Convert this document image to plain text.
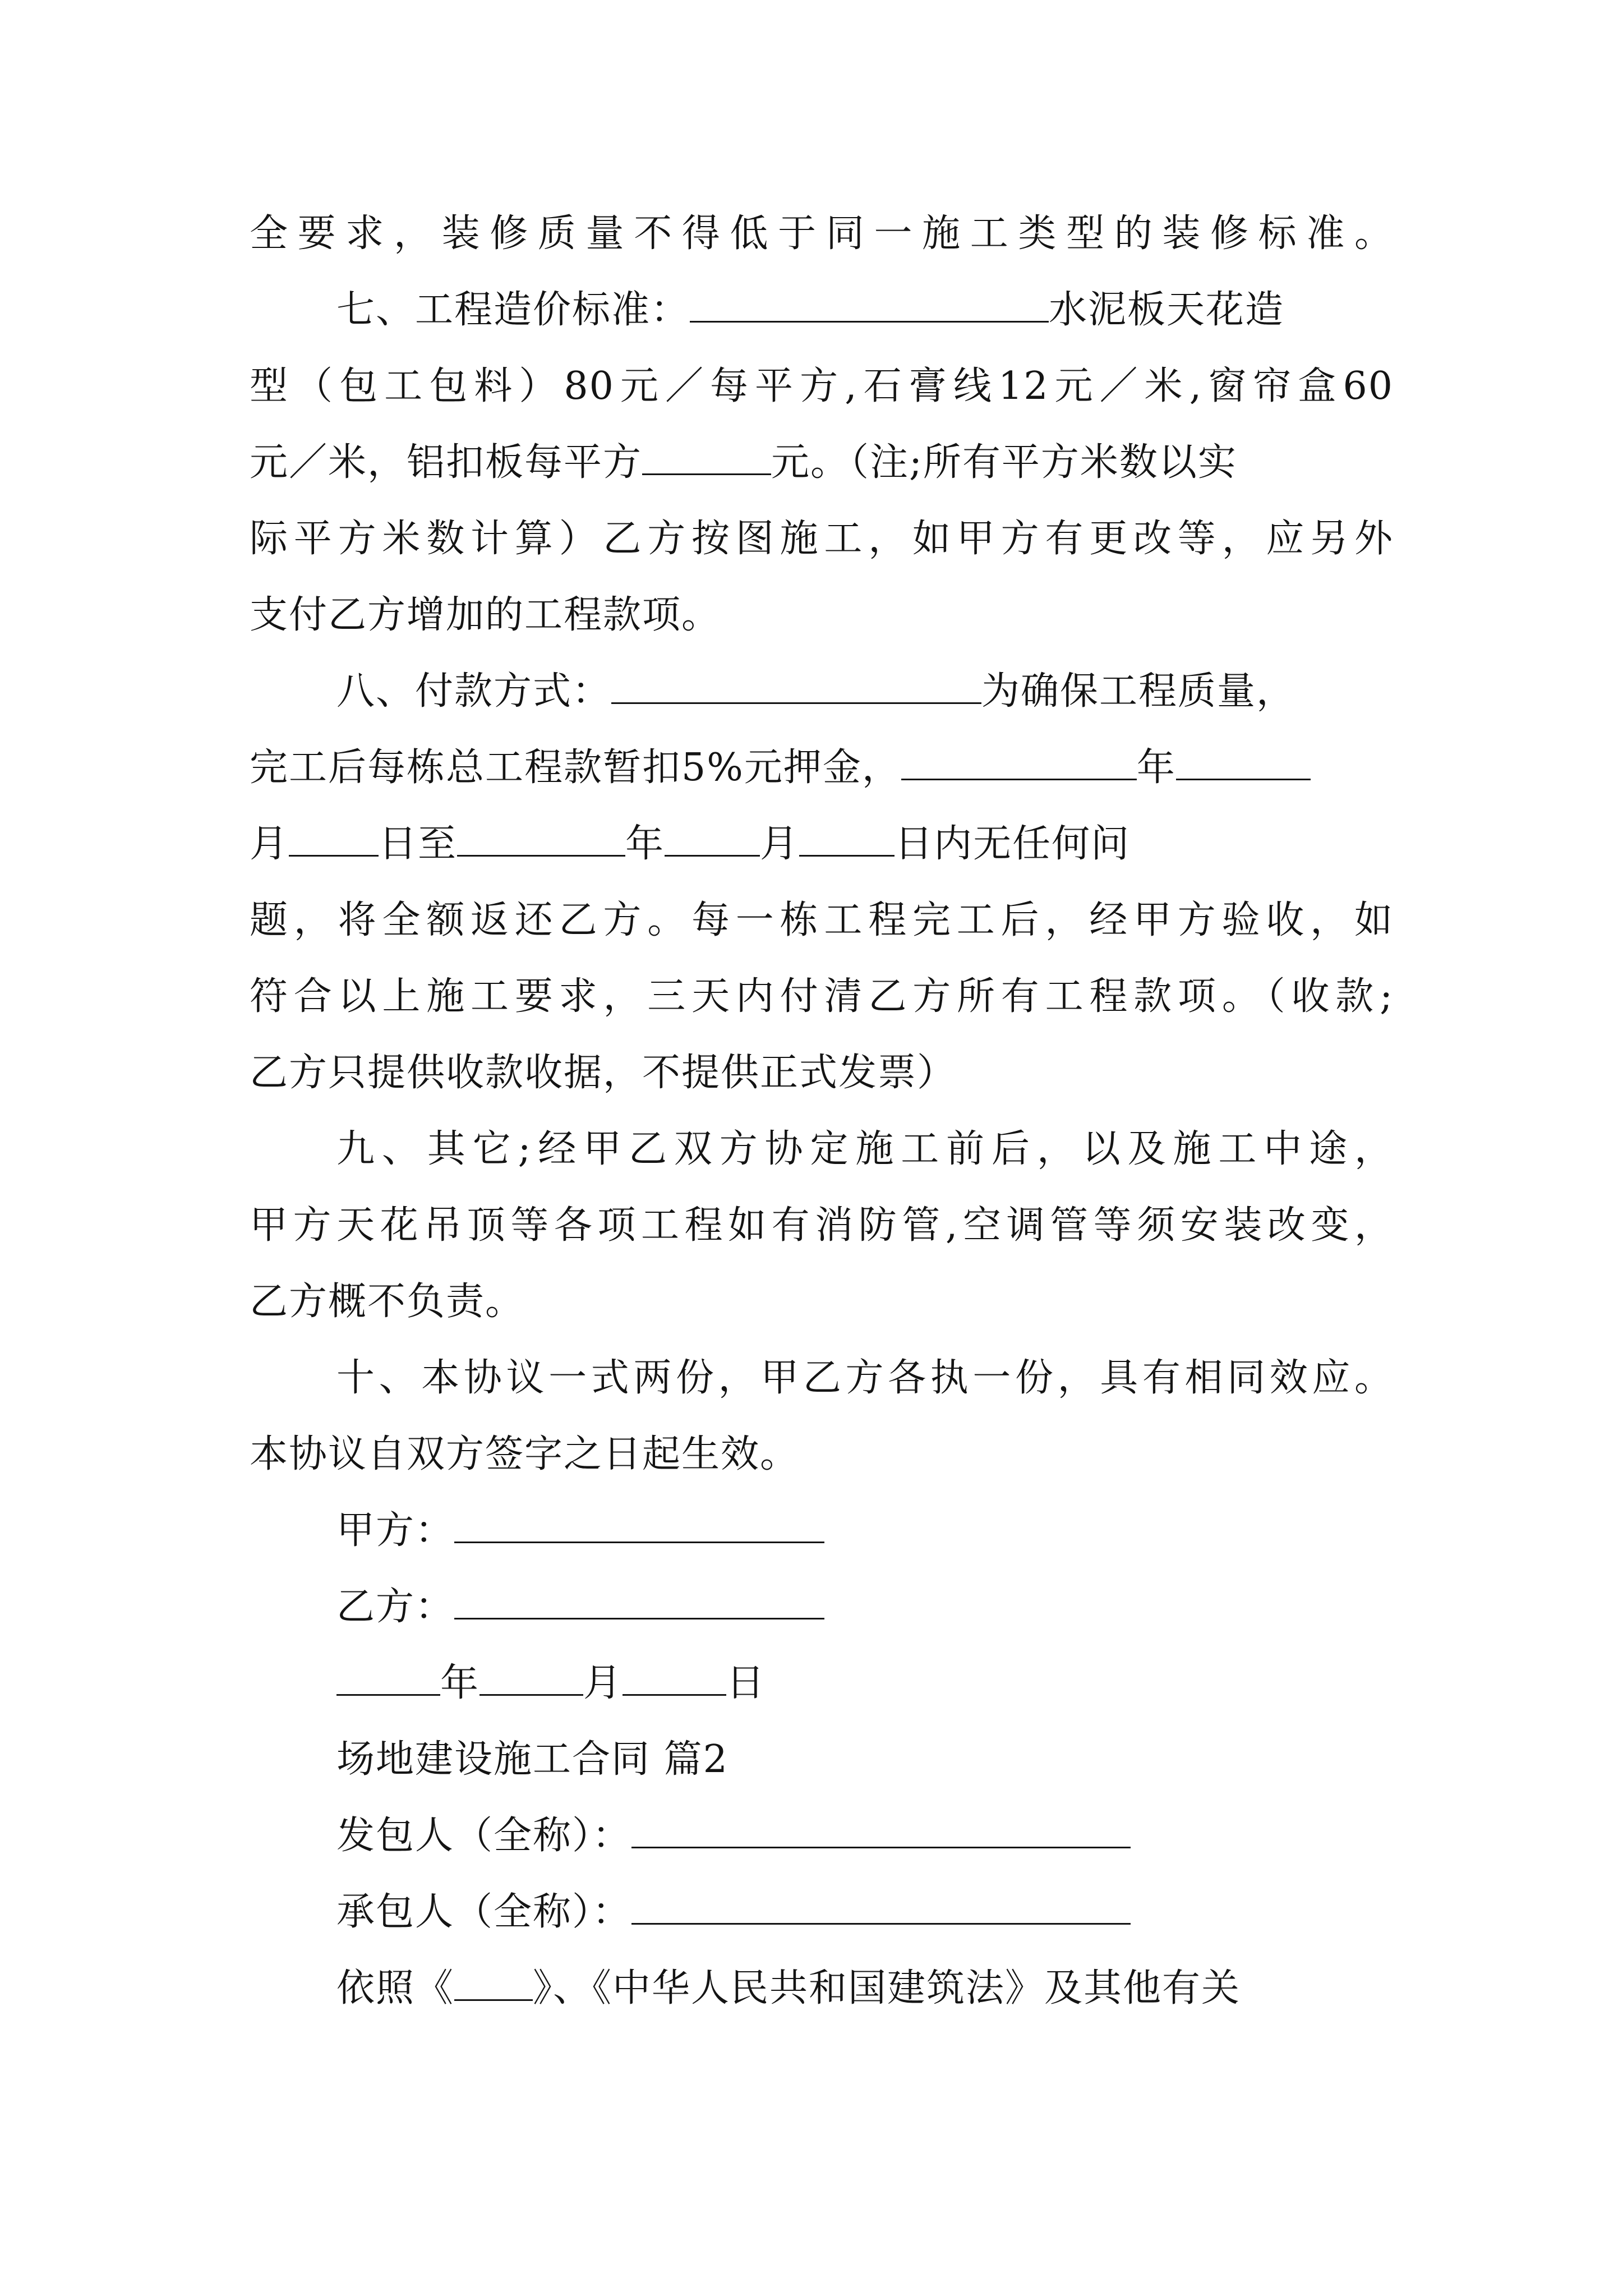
全要求，装修质量不得低于同一施工类型的装修标准。
七、工程造价标准：	水泥板天花造
型（包工包料）80元／每平方,石膏线12元／米,窗帘盒60
元／米，铝扣板每平方	元。（注;所有平方米数以实
际平方米数计算）乙方按图施工，如甲方有更改等，应另外
支付乙方增加的工程款项。
八、付款方式：	为确保工程质量，
完工后每栋总工程款暂扣5%元押金，	年
月 日至	年	月	日内无任何问
题，将全额返还乙方。每一栋工程完工后，经甲方验收，如
符合以上施工要求，三天内付清乙方所有工程款项。（收款;
乙方只提供收款收据，不提供正式发票）
九、其它;经甲乙双方协定施工前后，以及施工中途，
甲方天花吊顶等各项工程如有消防管,空调管等须安装改变，
乙方概不负责。
十、本协议一式两份，甲乙方各执一份，具有相同效应。
本协议自双方签字之日起生效。
甲方：
乙方：
年	月	日
场地建设施工合同 篇2
发包人（全称）：
承包人（全称）：
依照《 》、《中华人民共和国建筑法》及其他有关
